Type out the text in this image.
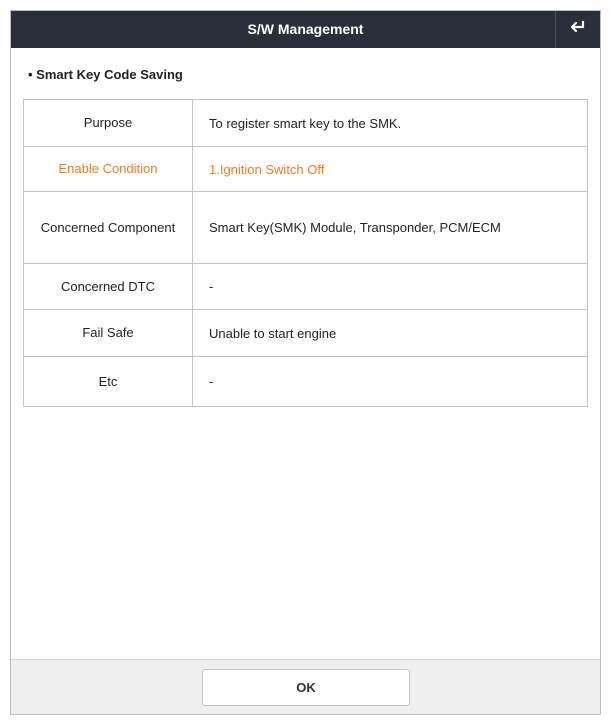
S/W Management
• Smart Key Code Saving
Purpose	To register smart key to the SMK.
Enable Condition	1.Ignition Switch Off
Concerned Component	Smart Key(SMK) Module, Transponder, PCM/ECM
Concerned DTC	-
Fail Safe	Unable to start engine
Etc	-
OK
